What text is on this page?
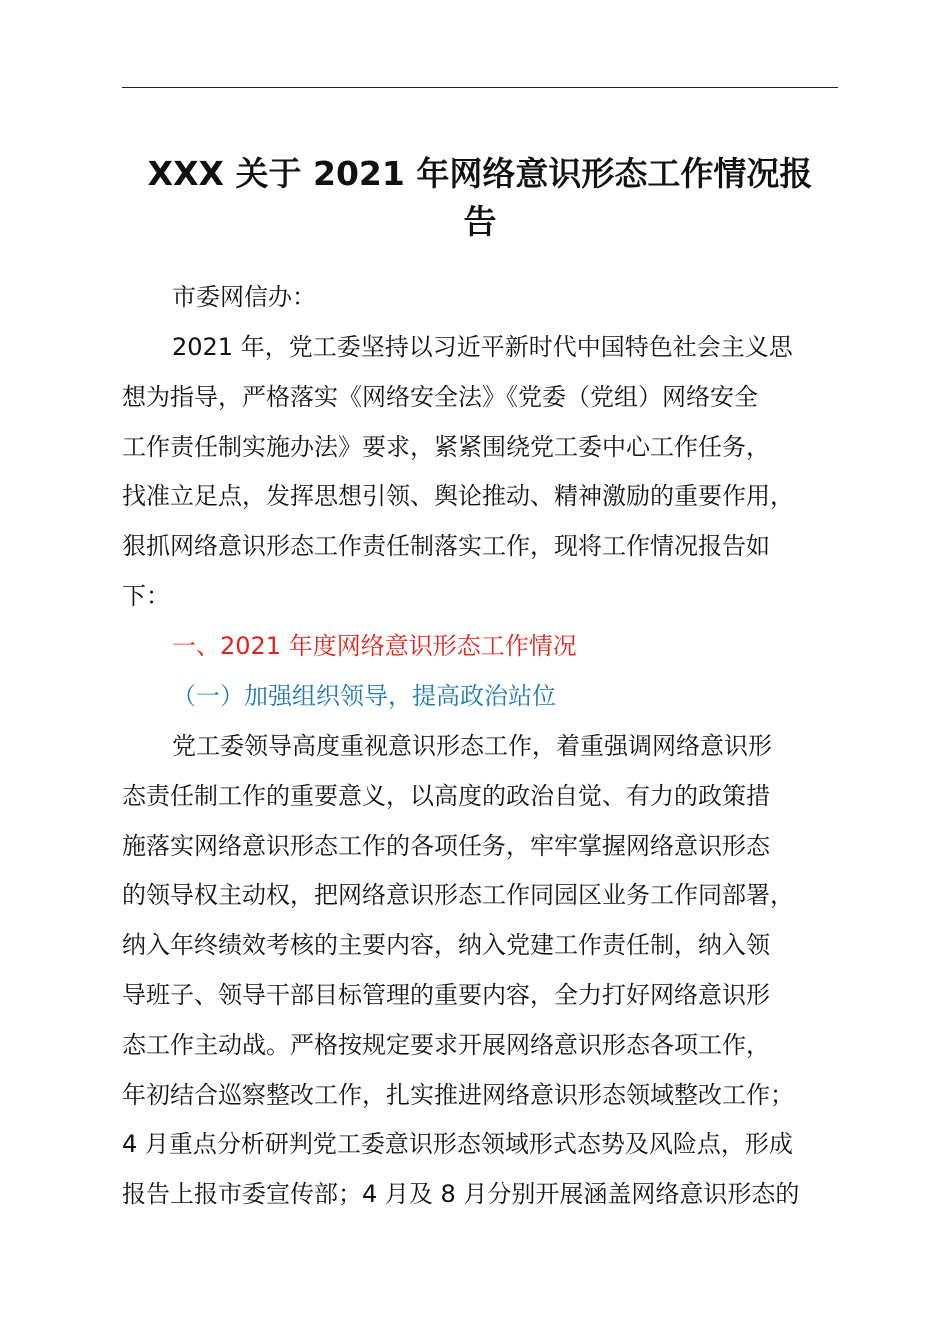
XXX 关于 2021 年网络意识形态工作情况报
告
市委网信办：
2021 年，党工委坚持以习近平新时代中国特色社会主义思
想为指导，严格落实《网络安全法》《党委（党组）网络安全
工作责任制实施办法》要求，紧紧围绕党工委中心工作任务，
找准立足点，发挥思想引领、舆论推动、精神激励的重要作用，
狠抓网络意识形态工作责任制落实工作，现将工作情况报告如
下：
一、2021 年度网络意识形态工作情况
（一）加强组织领导，提高政治站位
党工委领导高度重视意识形态工作，着重强调网络意识形
态责任制工作的重要意义，以高度的政治自觉、有力的政策措
施落实网络意识形态工作的各项任务，牢牢掌握网络意识形态
的领导权主动权，把网络意识形态工作同园区业务工作同部署，
纳入年终绩效考核的主要内容，纳入党建工作责任制，纳入领
导班子、领导干部目标管理的重要内容，全力打好网络意识形
态工作主动战。严格按规定要求开展网络意识形态各项工作，
年初结合巡察整改工作，扎实推进网络意识形态领域整改工作；
4 月重点分析研判党工委意识形态领域形式态势及风险点，形成
报告上报市委宣传部；4 月及 8 月分别开展涵盖网络意识形态的
